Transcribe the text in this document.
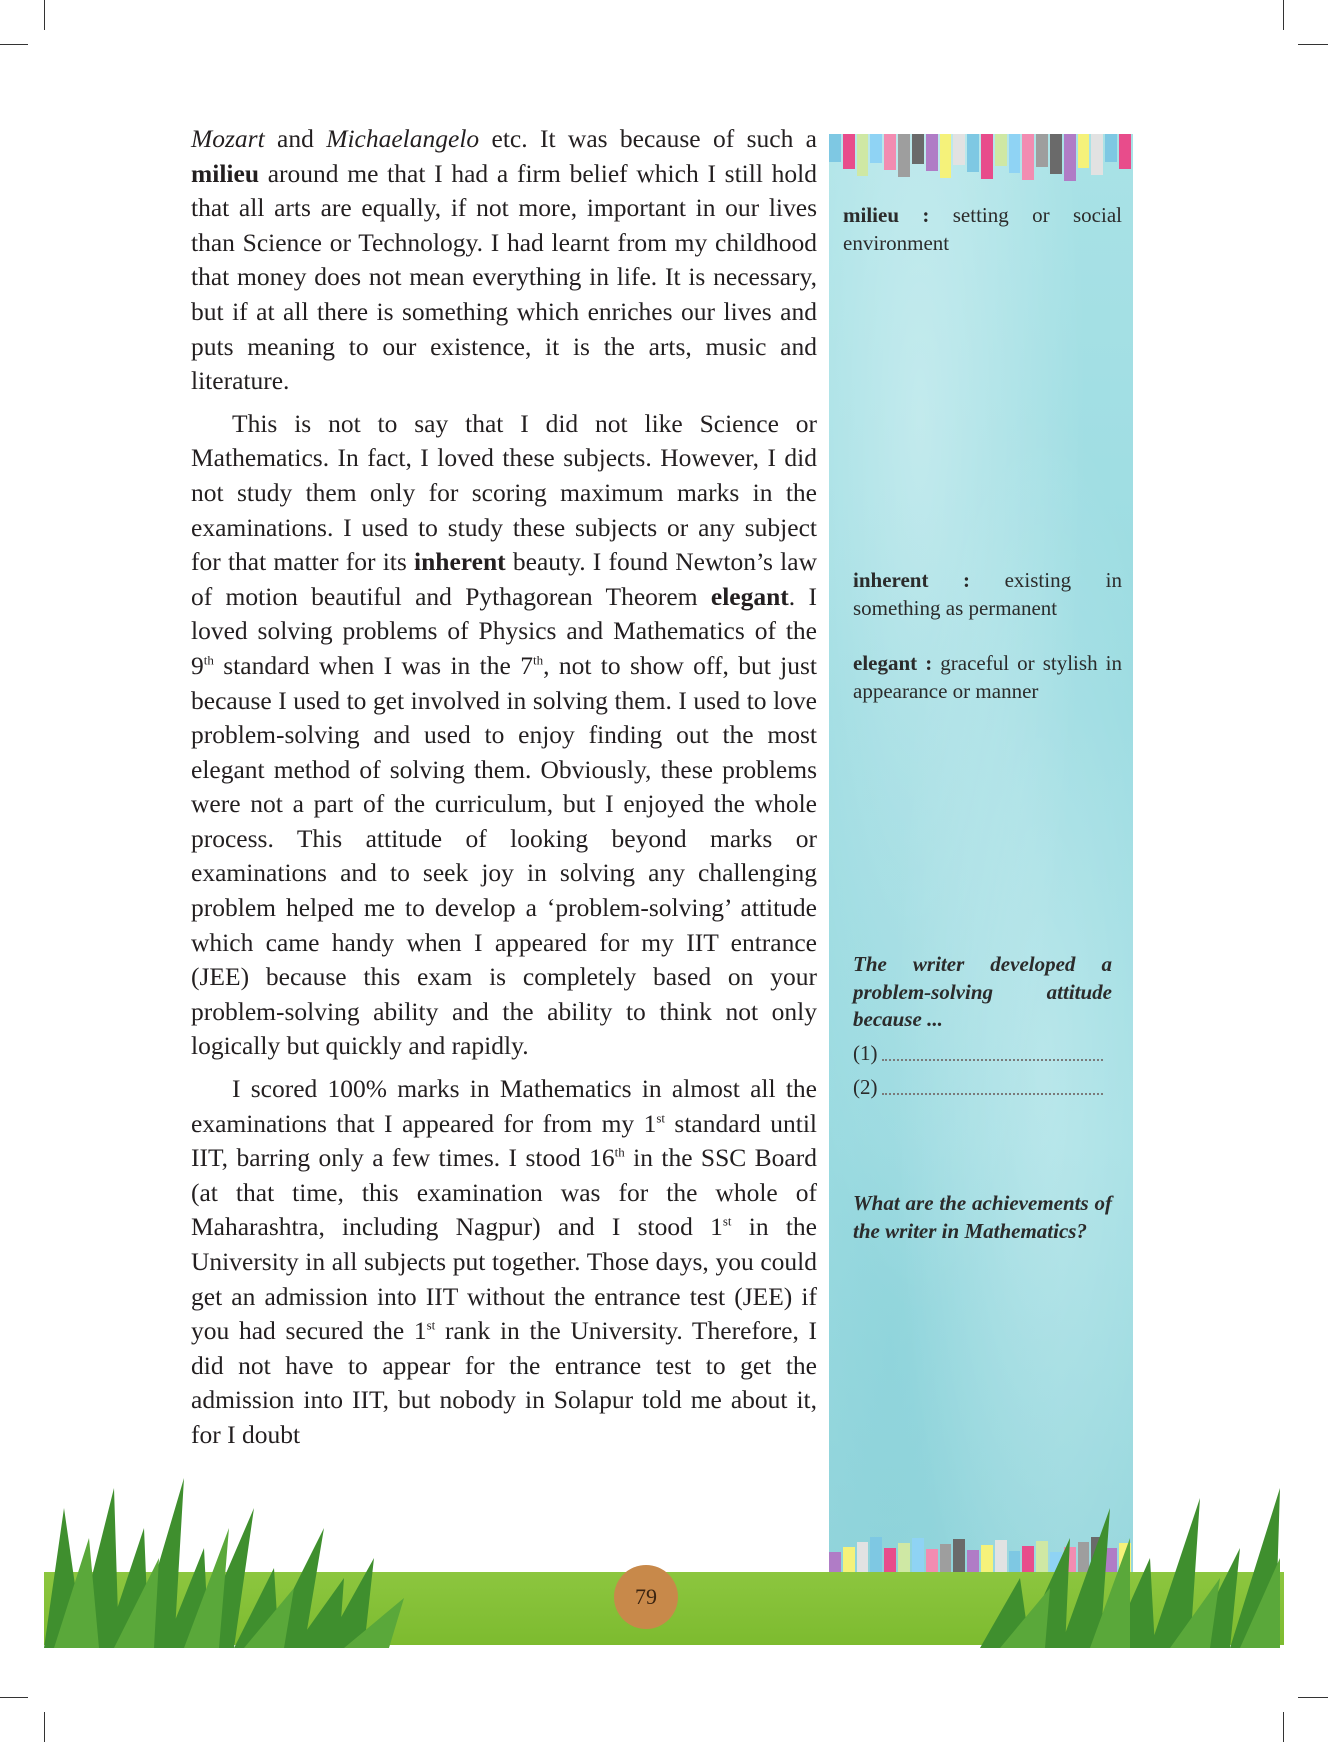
Mozart and Michaelangelo etc. It was because of such a milieu around me that I had a firm belief which I still hold that all arts are equally, if not more, important in our lives than Science or Technology. I had learnt from my childhood that money does not mean everything in life. It is necessary, but if at all there is something which enriches our lives and puts meaning to our existence, it is the arts, music and literature.

This is not to say that I did not like Science or Mathematics. In fact, I loved these subjects. However, I did not study them only for scoring maximum marks in the examinations. I used to study these subjects or any subject for that matter for its inherent beauty. I found Newton’s law of motion beautiful and Pythagorean Theorem elegant. I loved solving problems of Physics and Mathematics of the 9th standard when I was in the 7th, not to show off, but just because I used to get involved in solving them. I used to love problem-solving and used to enjoy finding out the most elegant method of solving them. Obviously, these problems were not a part of the curriculum, but I enjoyed the whole process. This attitude of looking beyond marks or examinations and to seek joy in solving any challenging problem helped me to develop a ‘problem-solving’ attitude which came handy when I appeared for my IIT entrance (JEE) because this exam is completely based on your problem-solving ability and the ability to think not only logically but quickly and rapidly.

I scored 100% marks in Mathematics in almost all the examinations that I appeared for from my 1st standard until IIT, barring only a few times. I stood 16th in the SSC Board (at that time, this examination was for the whole of Maharashtra, including Nagpur) and I stood 1st in the University in all subjects put together. Those days, you could get an admission into IIT without the entrance test (JEE) if you had secured the 1st rank in the University. Therefore, I did not have to appear for the entrance test to get the admission into IIT, but nobody in Solapur told me about it, for I doubt

milieu : setting or social environment
inherent : existing in something as permanent
elegant : graceful or stylish in appearance or manner
The writer developed a problem-solving attitude because ...
(1)
(2)
What are the achievements of the writer in Mathematics?
79
